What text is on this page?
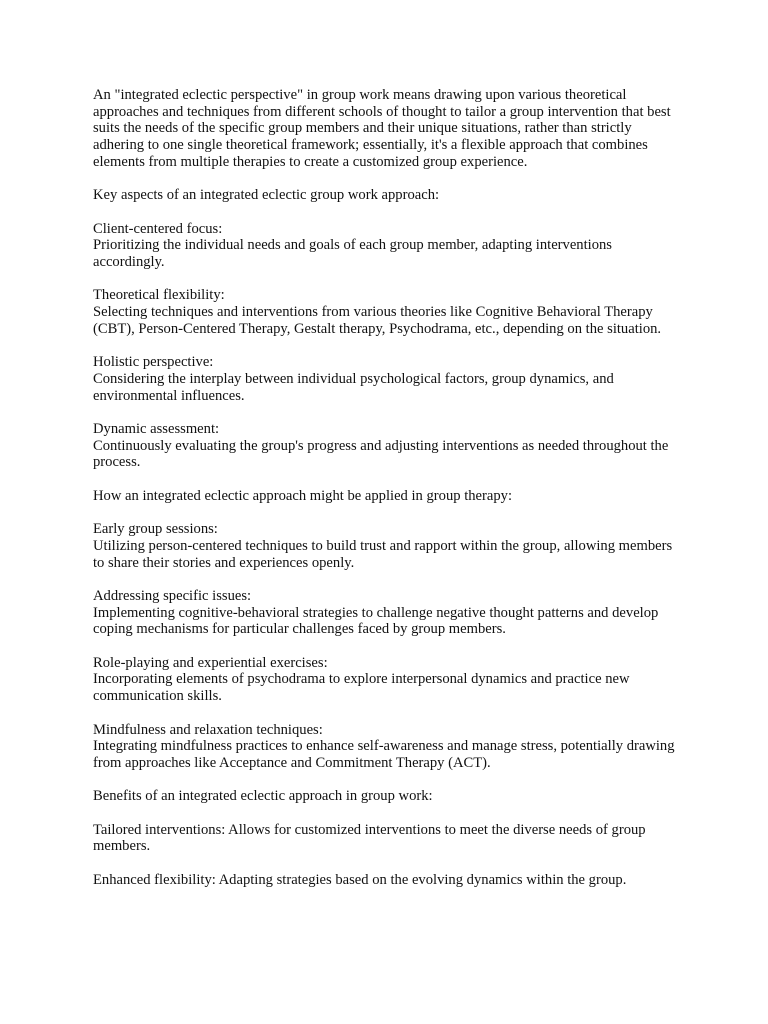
An "integrated eclectic perspective" in group work means drawing upon various theoretical approaches and techniques from different schools of thought to tailor a group intervention that best suits the needs of the specific group members and their unique situations, rather than strictly adhering to one single theoretical framework; essentially, it's a flexible approach that combines elements from multiple therapies to create a customized group experience.

Key aspects of an integrated eclectic group work approach:

Client-centered focus:
Prioritizing the individual needs and goals of each group member, adapting interventions accordingly.
Theoretical flexibility:
Selecting techniques and interventions from various theories like Cognitive Behavioral Therapy (CBT), Person-Centered Therapy, Gestalt therapy, Psychodrama, etc., depending on the situation.
Holistic perspective:
Considering the interplay between individual psychological factors, group dynamics, and environmental influences.
Dynamic assessment:
Continuously evaluating the group's progress and adjusting interventions as needed throughout the process.

How an integrated eclectic approach might be applied in group therapy:

Early group sessions:
Utilizing person-centered techniques to build trust and rapport within the group, allowing members to share their stories and experiences openly.
Addressing specific issues:
Implementing cognitive-behavioral strategies to challenge negative thought patterns and develop coping mechanisms for particular challenges faced by group members.
Role-playing and experiential exercises:
Incorporating elements of psychodrama to explore interpersonal dynamics and practice new communication skills.
Mindfulness and relaxation techniques:
Integrating mindfulness practices to enhance self-awareness and manage stress, potentially drawing from approaches like Acceptance and Commitment Therapy (ACT).

Benefits of an integrated eclectic approach in group work:

Tailored interventions: Allows for customized interventions to meet the diverse needs of group members.

Enhanced flexibility: Adapting strategies based on the evolving dynamics within the group.
